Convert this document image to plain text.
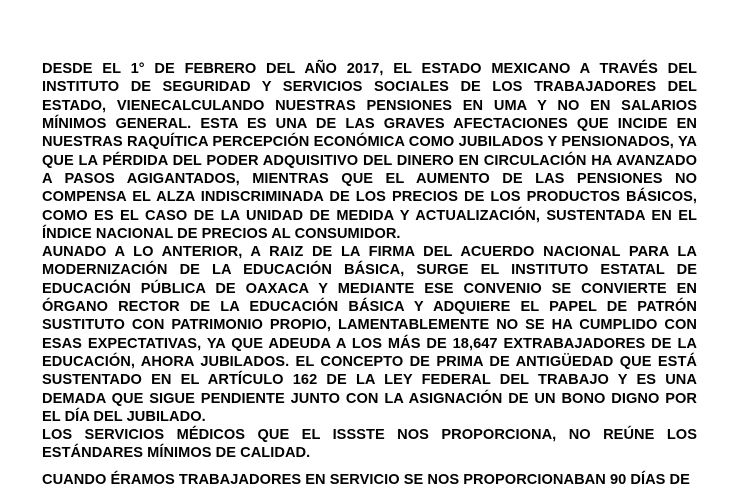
DESDE EL 1° DE FEBRERO DEL AÑO 2017, EL ESTADO MEXICANO A TRAVÉS DEL INSTITUTO DE SEGURIDAD Y SERVICIOS SOCIALES DE LOS TRABAJADORES DEL ESTADO, VIENECALCULANDO NUESTRAS PENSIONES EN UMA Y NO EN SALARIOS MÍNIMOS GENERAL. ESTA ES UNA DE LAS GRAVES AFECTACIONES QUE INCIDE EN NUESTRAS RAQUÍTICA PERCEPCIÓN ECONÓMICA COMO JUBILADOS Y PENSIONADOS, YA QUE LA PÉRDIDA DEL PODER ADQUISITIVO DEL DINERO EN CIRCULACIÓN HA AVANZADO A PASOS AGIGANTADOS, MIENTRAS QUE EL AUMENTO DE LAS PENSIONES NO COMPENSA EL ALZA INDISCRIMINADA DE LOS PRECIOS DE LOS PRODUCTOS BÁSICOS, COMO ES EL CASO DE LA UNIDAD DE MEDIDA Y ACTUALIZACIÓN, SUSTENTADA EN EL ÍNDICE NACIONAL DE PRECIOS AL CONSUMIDOR.

AUNADO A LO ANTERIOR, A RAIZ DE LA FIRMA DEL ACUERDO NACIONAL PARA LA MODERNIZACIÓN DE LA EDUCACIÓN BÁSICA, SURGE EL INSTITUTO ESTATAL DE EDUCACIÓN PÚBLICA DE OAXACA Y MEDIANTE ESE CONVENIO SE CONVIERTE EN ÓRGANO RECTOR DE LA EDUCACIÓN BÁSICA Y ADQUIERE EL PAPEL DE PATRÓN SUSTITUTO CON PATRIMONIO PROPIO, LAMENTABLEMENTE NO SE HA CUMPLIDO CON ESAS EXPECTATIVAS, YA QUE ADEUDA A LOS MÁS DE 18,647 EXTRABAJADORES DE LA EDUCACIÓN, AHORA JUBILADOS. EL CONCEPTO DE PRIMA DE ANTIGÜEDAD QUE ESTÁ SUSTENTADO EN EL ARTÍCULO 162 DE LA LEY FEDERAL DEL TRABAJO Y ES UNA DEMADA QUE SIGUE PENDIENTE JUNTO CON LA ASIGNACIÓN DE UN BONO DIGNO POR EL DÍA DEL JUBILADO.

LOS SERVICIOS MÉDICOS QUE EL ISSSTE NOS PROPORCIONA, NO REÚNE LOS ESTÁNDARES MÍNIMOS DE CALIDAD.

CUANDO ÉRAMOS TRABAJADORES EN SERVICIO SE NOS PROPORCIONABAN 90 DÍAS DE
